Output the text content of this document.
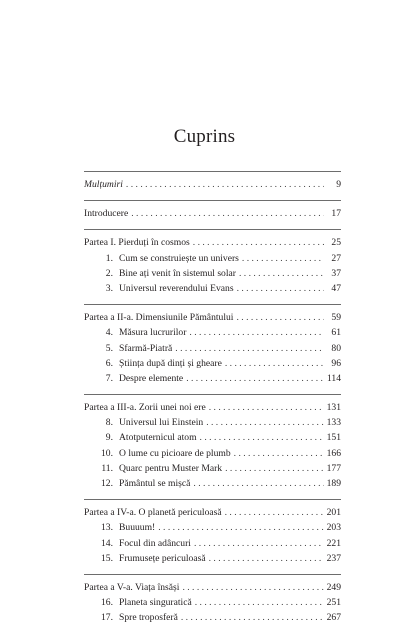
Cuprins
Mulțumiri . . .	9
Introducere . . .	17
Partea I. Pierduți în cosmos . . .	25
1. Cum se construiește un univers . . .	27
2. Bine ați venit în sistemul solar . . .	37
3. Universul reverendului Evans . . .	47
Partea a II-a. Dimensiunile Pământului . . .	59
4. Măsura lucrurilor . . .	61
5. Sfarmă-Piatră . . .	80
6. Știința după dinți și gheare . . .	96
7. Despre elemente . . .	114
Partea a III-a. Zorii unei noi ere . . .	131
8. Universul lui Einstein . . .	133
9. Atotputernicul atom . . .	151
10. O lume cu picioare de plumb . . .	166
11. Quarc pentru Muster Mark . . .	177
12. Pământul se mișcă . . .	189
Partea a IV-a. O planetă periculoasă . . .	201
13. Buuuum! . . .	203
14. Focul din adâncuri . . .	221
15. Frumusețe periculoasă . . .	237
Partea a V-a. Viața însăși . . .	249
16. Planeta singuratică . . .	251
17. Spre troposferă . . .	267
